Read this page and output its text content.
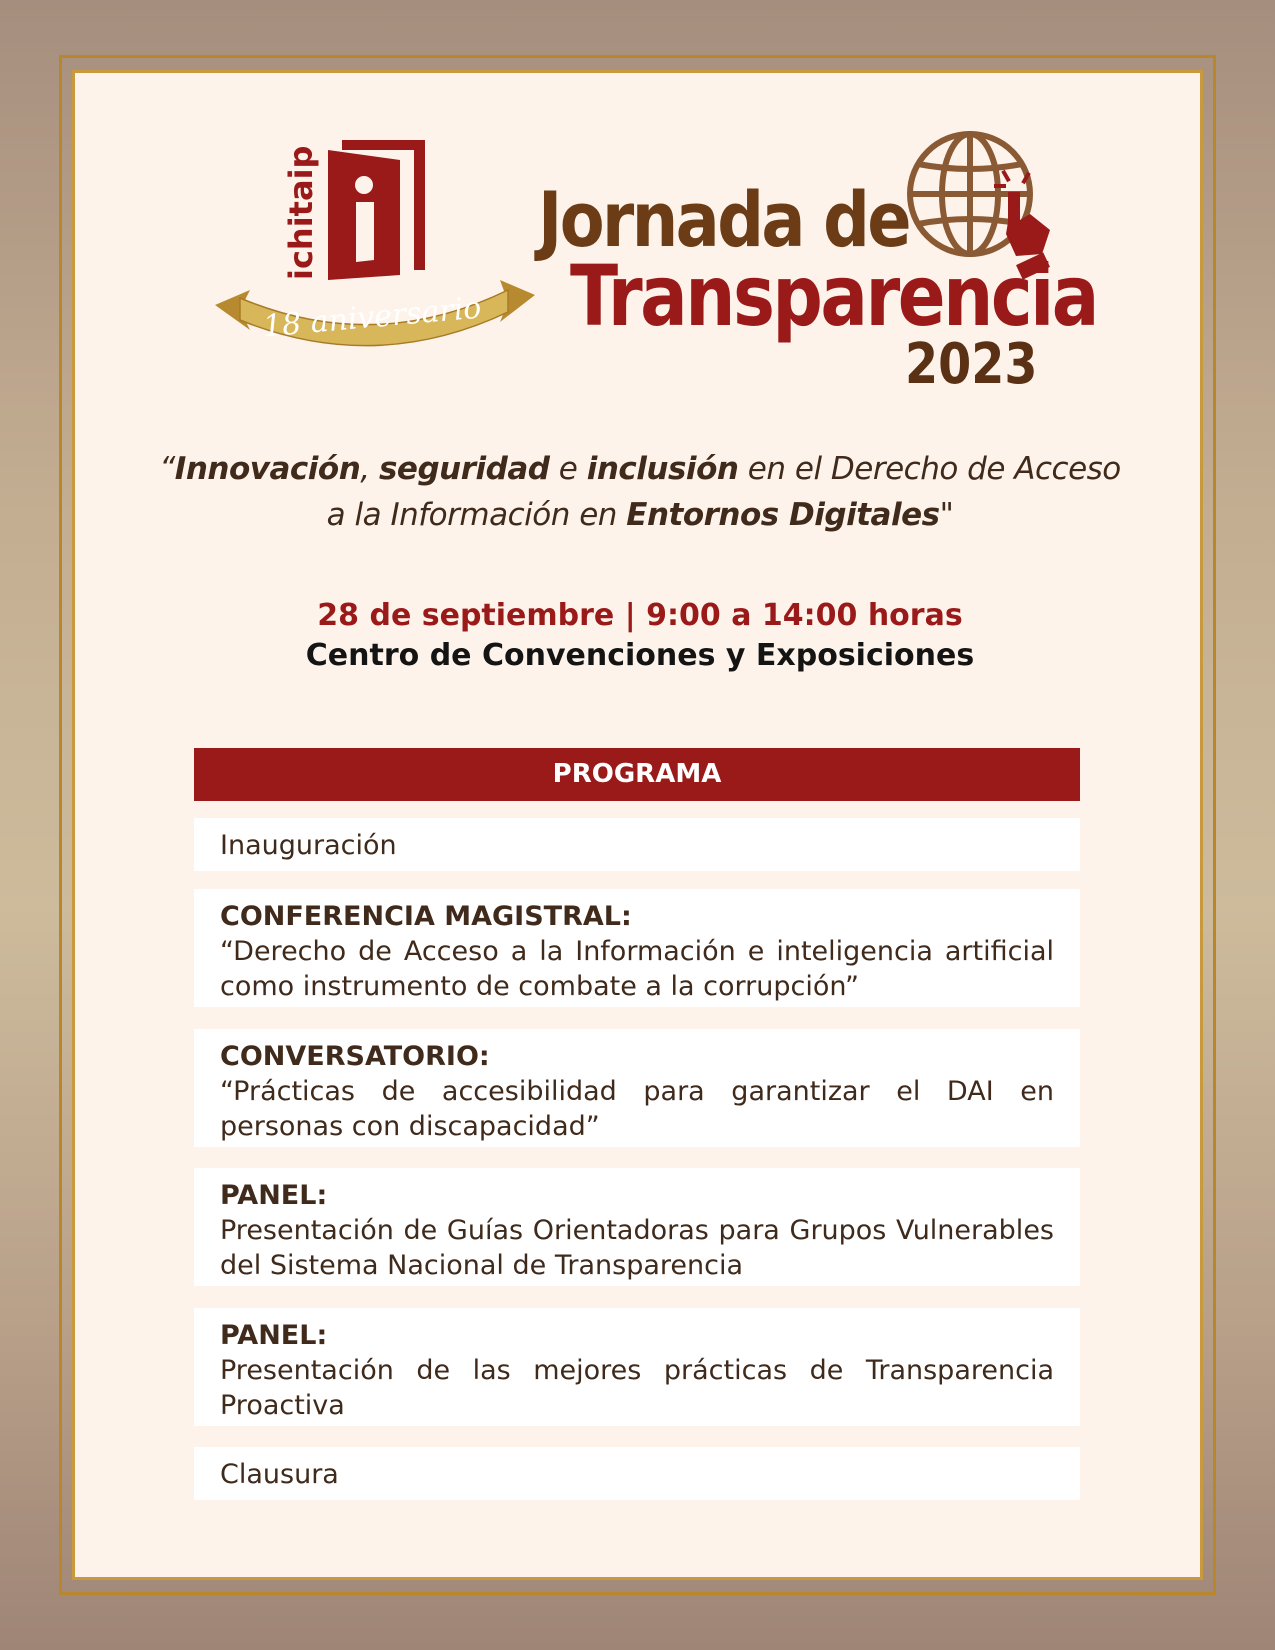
ichitaip
18 aniversario
Jornada de
Transparencia
2023
“Innovación, seguridad e inclusión en el Derecho de Acceso
a la Información en Entornos Digitales"
28 de septiembre | 9:00 a 14:00 horas
Centro de Convenciones y Exposiciones
PROGRAMA
Inauguración
CONFERENCIA MAGISTRAL:
“Derecho de Acceso a la Información e inteligencia artificial como instrumento de combate a la corrupción”
CONVERSATORIO:
“Prácticas de accesibilidad para garantizar el DAI en personas con discapacidad”
PANEL:
Presentación de Guías Orientadoras para Grupos Vulnerables del Sistema Nacional de Transparencia
PANEL:
Presentación de las mejores prácticas de Transparencia Proactiva
Clausura
